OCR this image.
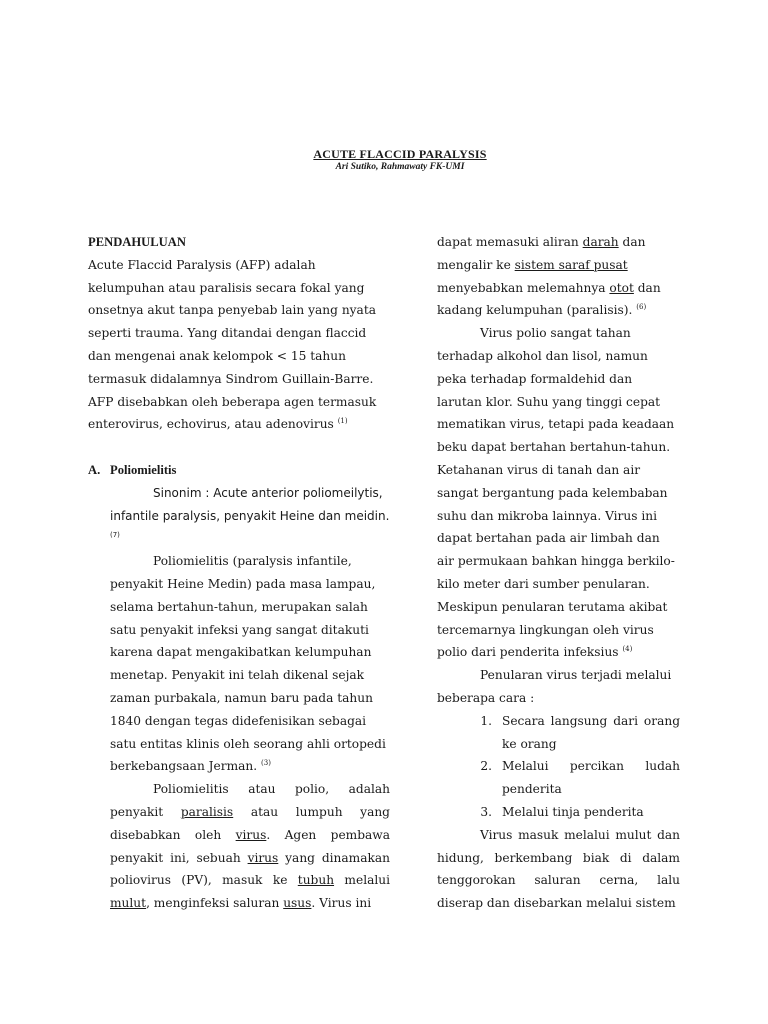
ACUTE FLACCID PARALYSIS
Ari Sutiko, Rahmawaty FK-UMI
PENDAHULUAN
Acute Flaccid Paralysis (AFP) adalah kelumpuhan atau paralisis secara fokal yang onsetnya akut tanpa penyebab lain yang nyata seperti trauma. Yang ditandai dengan flaccid dan mengenai anak kelompok < 15 tahun termasuk didalamnya Sindrom Guillain-Barre. AFP disebabkan oleh beberapa agen termasuk enterovirus, echovirus, atau adenovirus $^{(1)}$
A. Poliomielitis
Sinonim : Acute anterior poliomeilytis, infantile paralysis, penyakit Heine dan meidin. $^{(7)}$
Poliomielitis (paralysis infantile, penyakit Heine Medin) pada masa lampau, selama bertahun-tahun, merupakan salah satu penyakit infeksi yang sangat ditakuti karena dapat mengakibatkan kelumpuhan menetap. Penyakit ini telah dikenal sejak zaman purbakala, namun baru pada tahun 1840 dengan tegas didefenisikan sebagai satu entitas klinis oleh seorang ahli ortopedi berkebangsaan Jerman. $^{(3)}$
Poliomielitis atau polio, adalah penyakit paralisis atau lumpuh yang disebabkan oleh virus. Agen pembawa penyakit ini, sebuah virus yang dinamakan poliovirus (PV), masuk ke tubuh melalui mulut, menginfeksi saluran usus. Virus ini
dapat memasuki aliran darah dan mengalir ke sistem saraf pusat menyebabkan melemahnya otot dan kadang kelumpuhan (paralisis). $^{(6)}$
Virus polio sangat tahan terhadap alkohol dan lisol, namun peka terhadap formaldehid dan larutan klor. Suhu yang tinggi cepat mematikan virus, tetapi pada keadaan beku dapat bertahan bertahun-tahun. Ketahanan virus di tanah dan air sangat bergantung pada kelembaban suhu dan mikroba lainnya. Virus ini dapat bertahan pada air limbah dan air permukaan bahkan hingga berkilo-kilo meter dari sumber penularan. Meskipun penularan terutama akibat tercemarnya lingkungan oleh virus polio dari penderita infeksius $^{(4)}$
Penularan virus terjadi melalui beberapa cara :
1. Secara langsung dari orang ke orang
2. Melalui percikan ludah penderita
3. Melalui tinja penderita
Virus masuk melalui mulut dan hidung, berkembang biak di dalam tenggorokan saluran cerna, lalu diserap dan disebarkan melalui sistem
